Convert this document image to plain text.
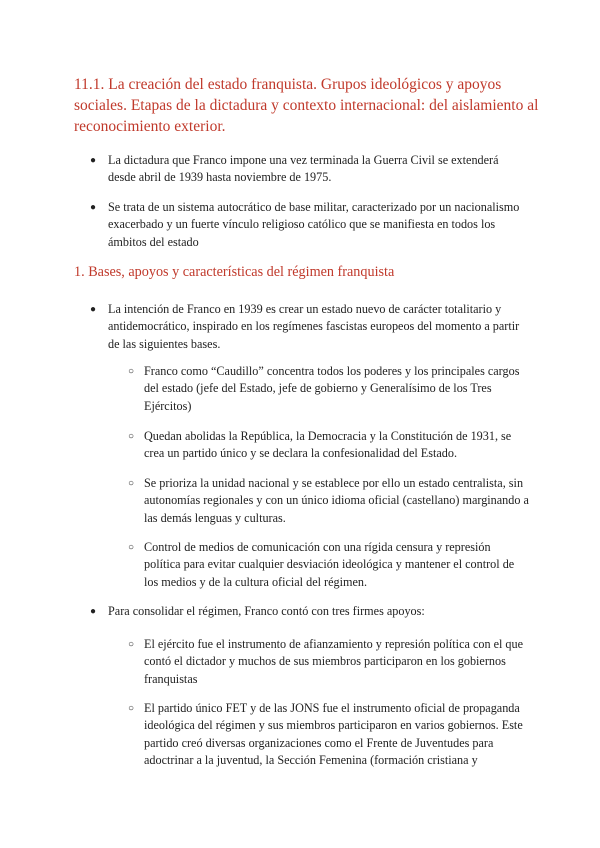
11.1. La creación del estado franquista. Grupos ideológicos y apoyos sociales. Etapas de la dictadura y contexto internacional: del aislamiento al reconocimiento exterior.
● La dictadura que Franco impone una vez terminada la Guerra Civil se extenderá desde abril de 1939 hasta noviembre de 1975.

● Se trata de un sistema autocrático de base militar, caracterizado por un nacionalismo exacerbado y un fuerte vínculo religioso católico que se manifiesta en todos los ámbitos del estado

1. Bases, apoyos y características del régimen franquista
● La intención de Franco en 1939 es crear un estado nuevo de carácter totalitario y antidemocrático, inspirado en los regímenes fascistas europeos del momento a partir de las siguientes bases.

○ Franco como “Caudillo” concentra todos los poderes y los principales cargos del estado (jefe del Estado, jefe de gobierno y Generalísimo de los Tres Ejércitos)

○ Quedan abolidas la República, la Democracia y la Constitución de 1931, se crea un partido único y se declara la confesionalidad del Estado.

○ Se prioriza la unidad nacional y se establece por ello un estado centralista, sin autonomías regionales y con un único idioma oficial (castellano) marginando a las demás lenguas y culturas.

○ Control de medios de comunicación con una rígida censura y represión política para evitar cualquier desviación ideológica y mantener el control de los medios y de la cultura oficial del régimen.

● Para consolidar el régimen, Franco contó con tres firmes apoyos:

○ El ejército fue el instrumento de afianzamiento y represión política con el que contó el dictador y muchos de sus miembros participaron en los gobiernos franquistas

○ El partido único FET y de las JONS fue el instrumento oficial de propaganda ideológica del régimen y sus miembros participaron en varios gobiernos. Este partido creó diversas organizaciones como el Frente de Juventudes para adoctrinar a la juventud, la Sección Femenina (formación cristiana y
